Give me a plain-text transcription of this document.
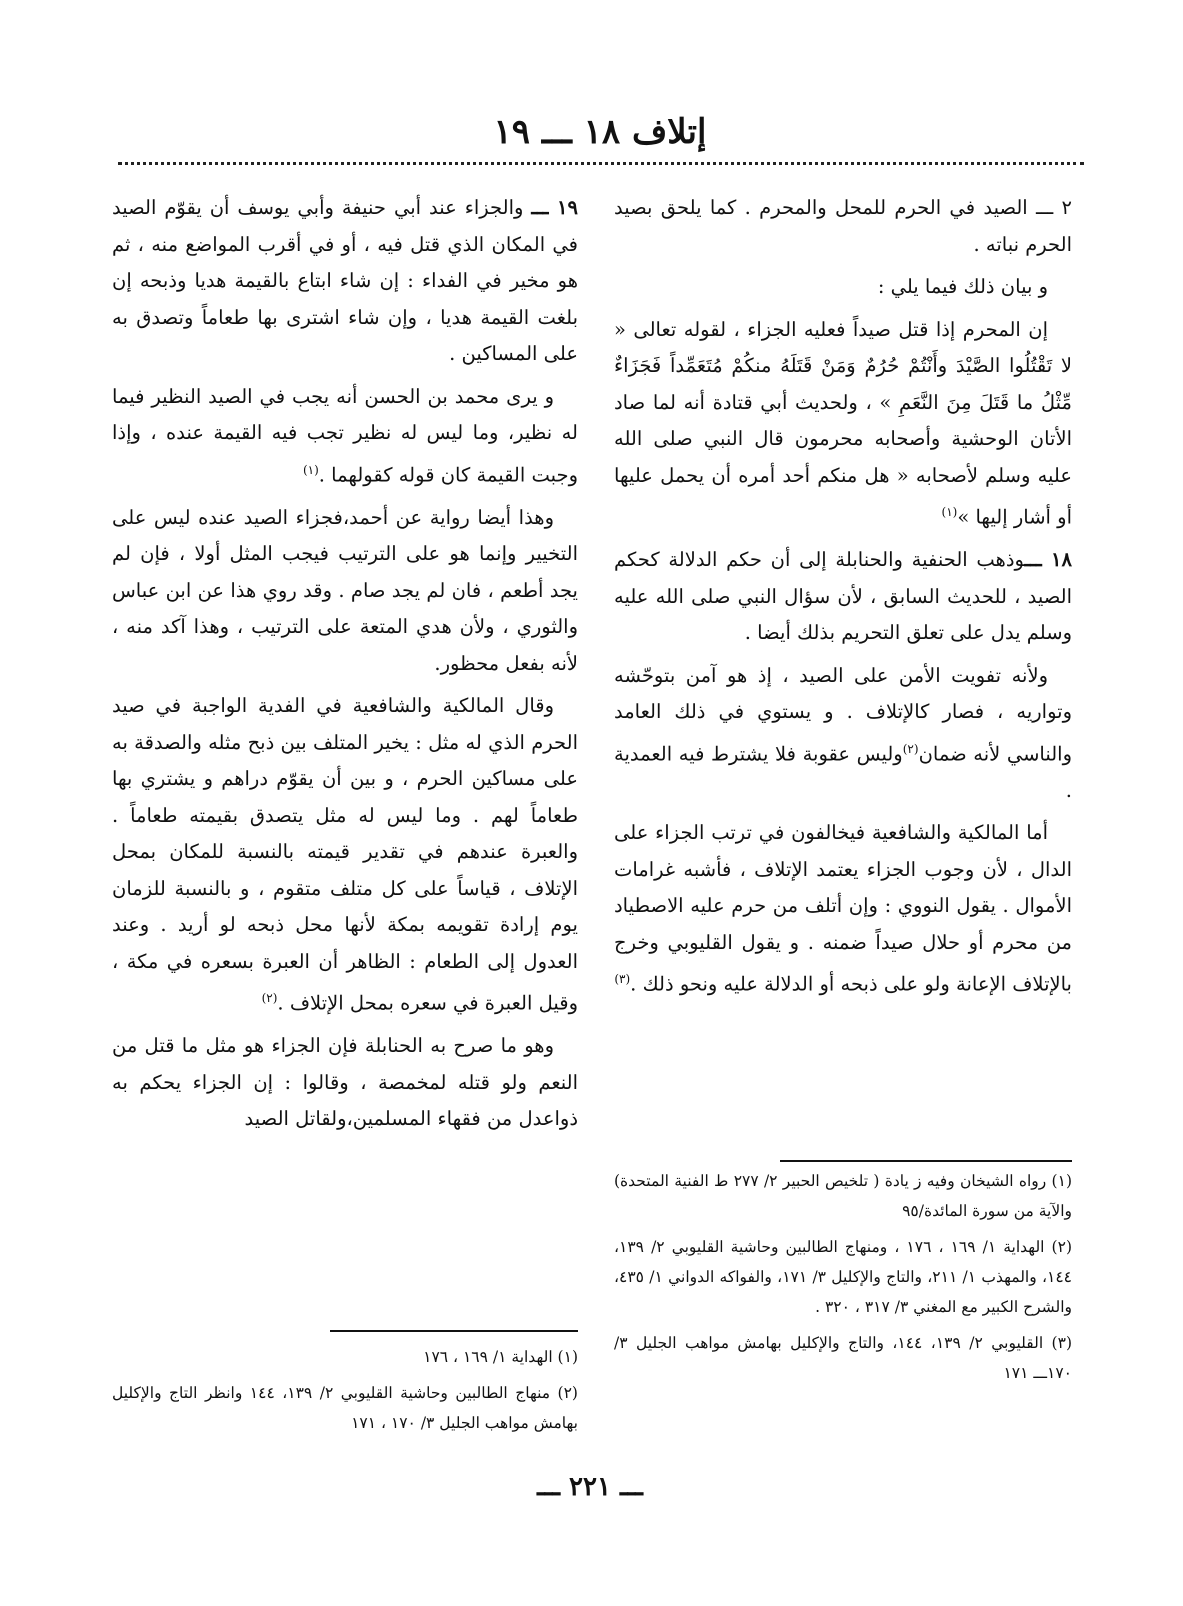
إتلاف ١٨ ـــ ١٩

٢ ـــ الصيد في الحرم للمحل والمحرم . كما يلحق بصيد الحرم نباته .

و بيان ذلك فيما يلي :

إن المحرم إذا قتل صيداً فعليه الجزاء ، لقوله تعالى « لا تَقْتُلُوا الصَّيْدَ وأَنْتُمْ حُرُمٌ وَمَنْ قَتَلَهُ منكُمْ مُتَعَمِّداً فَجَزَاءٌ مِّثْلُ ما قَتَلَ مِنَ النَّعَمِ » ، ولحديث أبي قتادة أنه لما صاد الأتان الوحشية وأصحابه محرمون قال النبي صلى الله عليه وسلم لأصحابه « هل منكم أحد أمره أن يحمل عليها أو أشار إليها »$^{(١)}$

١٨ ـــوذهب الحنفية والحنابلة إلى أن حكم الدلالة كحكم الصيد ، للحديث السابق ، لأن سؤال النبي صلى الله عليه وسلم يدل على تعلق التحريم بذلك أيضا .

ولأنه تفويت الأمن على الصيد ، إذ هو آمن بتوحّشه وتواريه ، فصار كالإتلاف . و يستوي في ذلك العامد والناسي لأنه ضمان$^{(٢)}$وليس عقوبة فلا يشترط فيه العمدية .

أما المالكية والشافعية فيخالفون في ترتب الجزاء على الدال ، لأن وجوب الجزاء يعتمد الإتلاف ، فأشبه غرامات الأموال . يقول النووي : وإن أتلف من حرم عليه الاصطياد من محرم أو حلال صيداً ضمنه . و يقول القليوبي وخرج بالإتلاف الإعانة ولو على ذبحه أو الدلالة عليه ونحو ذلك .$^{(٣)}$

(١) رواه الشيخان وفيه ز يادة ( تلخيص الحبير ٢/ ٢٧٧ ط الفنية المتحدة) والآية من سورة المائدة/٩٥
(٢) الهداية ١/ ١٦٩ ، ١٧٦ ، ومنهاج الطالبين وحاشية القليوبي ٢/ ١٣٩، ١٤٤، والمهذب ١/ ٢١١، والتاج والإكليل ٣/ ١٧١، والفواكه الدواني ١/ ٤٣٥، والشرح الكبير مع المغني ٣/ ٣١٧ ، ٣٢٠ .
(٣) القليوبي ٢/ ١٣٩، ١٤٤، والتاج والإكليل بهامش مواهب الجليل ٣/ ١٧٠ـــ ١٧١

١٩ ـــ والجزاء عند أبي حنيفة وأبي يوسف أن يقوّم الصيد في المكان الذي قتل فيه ، أو في أقرب المواضع منه ، ثم هو مخير في الفداء : إن شاء ابتاع بالقيمة هديا وذبحه إن بلغت القيمة هديا ، وإن شاء اشترى بها طعاماً وتصدق به على المساكين .

و يرى محمد بن الحسن أنه يجب في الصيد النظير فيما له نظير، وما ليس له نظير تجب فيه القيمة عنده ، وإذا وجبت القيمة كان قوله كقولهما .$^{(١)}$

وهذا أيضا رواية عن أحمد،فجزاء الصيد عنده ليس على التخيير وإنما هو على الترتيب فيجب المثل أولا ، فإن لم يجد أطعم ، فان لم يجد صام . وقد روي هذا عن ابن عباس والثوري ، ولأن هدي المتعة على الترتيب ، وهذا آكد منه ، لأنه بفعل محظور.

وقال المالكية والشافعية في الفدية الواجبة في صيد الحرم الذي له مثل : يخير المتلف بين ذبح مثله والصدقة به على مساكين الحرم ، و بين أن يقوّم دراهم و يشتري بها طعاماً لهم . وما ليس له مثل يتصدق بقيمته طعاماً . والعبرة عندهم في تقدير قيمته بالنسبة للمكان بمحل الإتلاف ، قياساً على كل متلف متقوم ، و بالنسبة للزمان يوم إرادة تقويمه بمكة لأنها محل ذبحه لو أريد . وعند العدول إلى الطعام : الظاهر أن العبرة بسعره في مكة ، وقيل العبرة في سعره بمحل الإتلاف .$^{(٢)}$

وهو ما صرح به الحنابلة فإن الجزاء هو مثل ما قتل من النعم ولو قتله لمخمصة ، وقالوا : إن الجزاء يحكم به ذواعدل من فقهاء المسلمين،ولقاتل الصيد

(١) الهداية ١/ ١٦٩ ، ١٧٦
(٢) منهاج الطالبين وحاشية القليوبي ٢/ ١٣٩، ١٤٤ وانظر التاج والإكليل بهامش مواهب الجليل ٣/ ١٧٠ ، ١٧١
ـــ ٢٢١ ـــ
